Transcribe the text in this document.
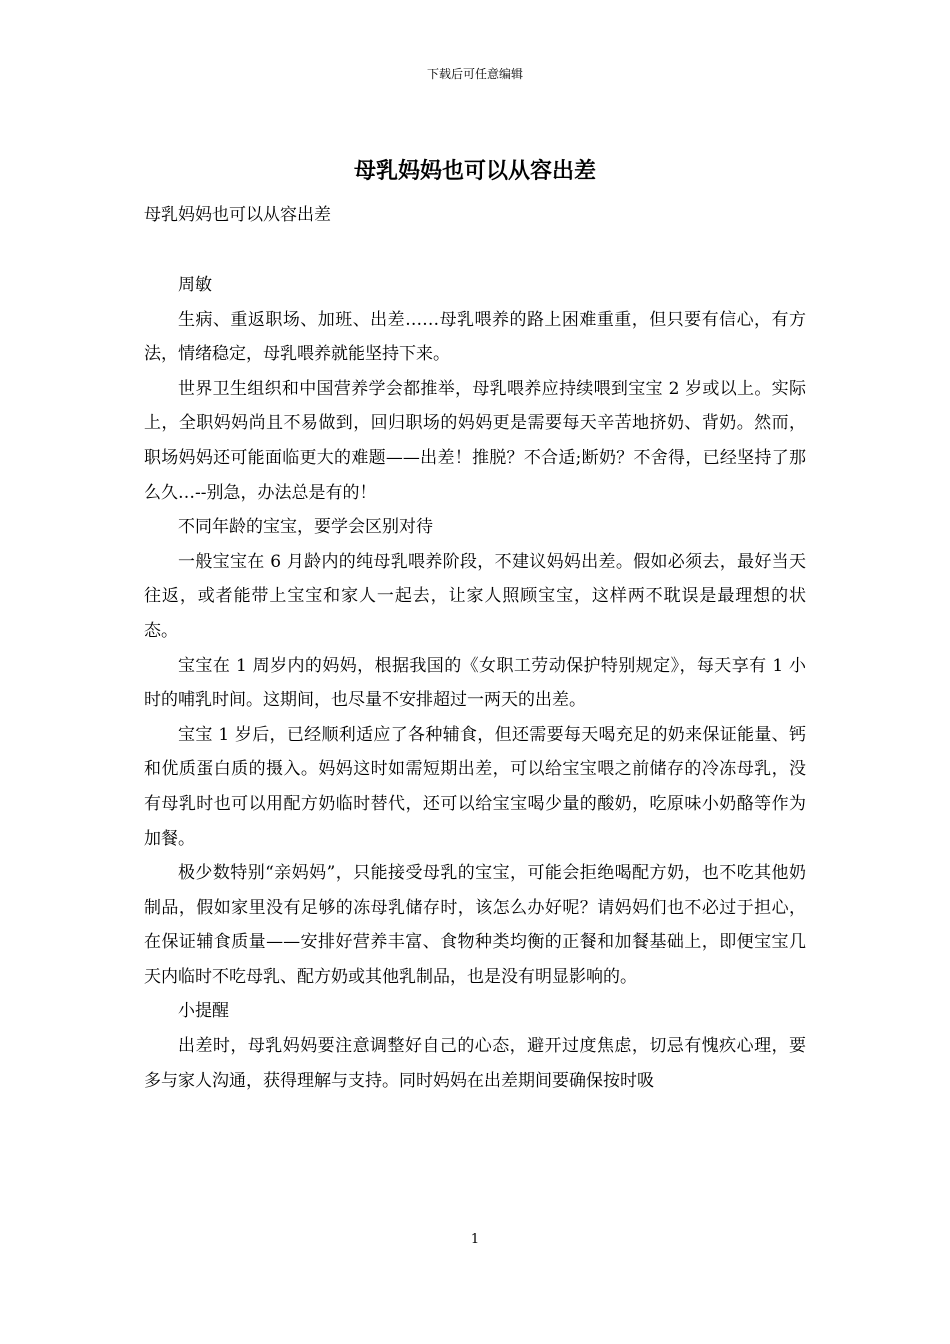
下载后可任意编辑
母乳妈妈也可以从容出差
母乳妈妈也可以从容出差

周敏

生病、重返职场、加班、出差……母乳喂养的路上困难重重，但只要有信心，有方法，情绪稳定，母乳喂养就能坚持下来。

世界卫生组织和中国营养学会都推举，母乳喂养应持续喂到宝宝 2 岁或以上。实际上，全职妈妈尚且不易做到，回归职场的妈妈更是需要每天辛苦地挤奶、背奶。然而，职场妈妈还可能面临更大的难题——出差！推脱？不合适;断奶？不舍得，已经坚持了那么久…--别急，办法总是有的！

不同年龄的宝宝，要学会区别对待

一般宝宝在 6 月龄内的纯母乳喂养阶段，不建议妈妈出差。假如必须去，最好当天往返，或者能带上宝宝和家人一起去，让家人照顾宝宝，这样两不耽误是最理想的状态。

宝宝在 1 周岁内的妈妈，根据我国的《女职工劳动保护特别规定》，每天享有 1 小时的哺乳时间。这期间，也尽量不安排超过一两天的出差。

宝宝 1 岁后，已经顺利适应了各种辅食，但还需要每天喝充足的奶来保证能量、钙和优质蛋白质的摄入。妈妈这时如需短期出差，可以给宝宝喂之前储存的冷冻母乳，没有母乳时也可以用配方奶临时替代，还可以给宝宝喝少量的酸奶，吃原味小奶酪等作为加餐。

极少数特别“亲妈妈”，只能接受母乳的宝宝，可能会拒绝喝配方奶，也不吃其他奶制品，假如家里没有足够的冻母乳储存时，该怎么办好呢？请妈妈们也不必过于担心，在保证辅食质量——安排好营养丰富、食物种类均衡的正餐和加餐基础上，即便宝宝几天内临时不吃母乳、配方奶或其他乳制品，也是没有明显影响的。

小提醒

出差时，母乳妈妈要注意调整好自己的心态，避开过度焦虑，切忌有愧疚心理，要多与家人沟通，获得理解与支持。同时妈妈在出差期间要确保按时吸

1
